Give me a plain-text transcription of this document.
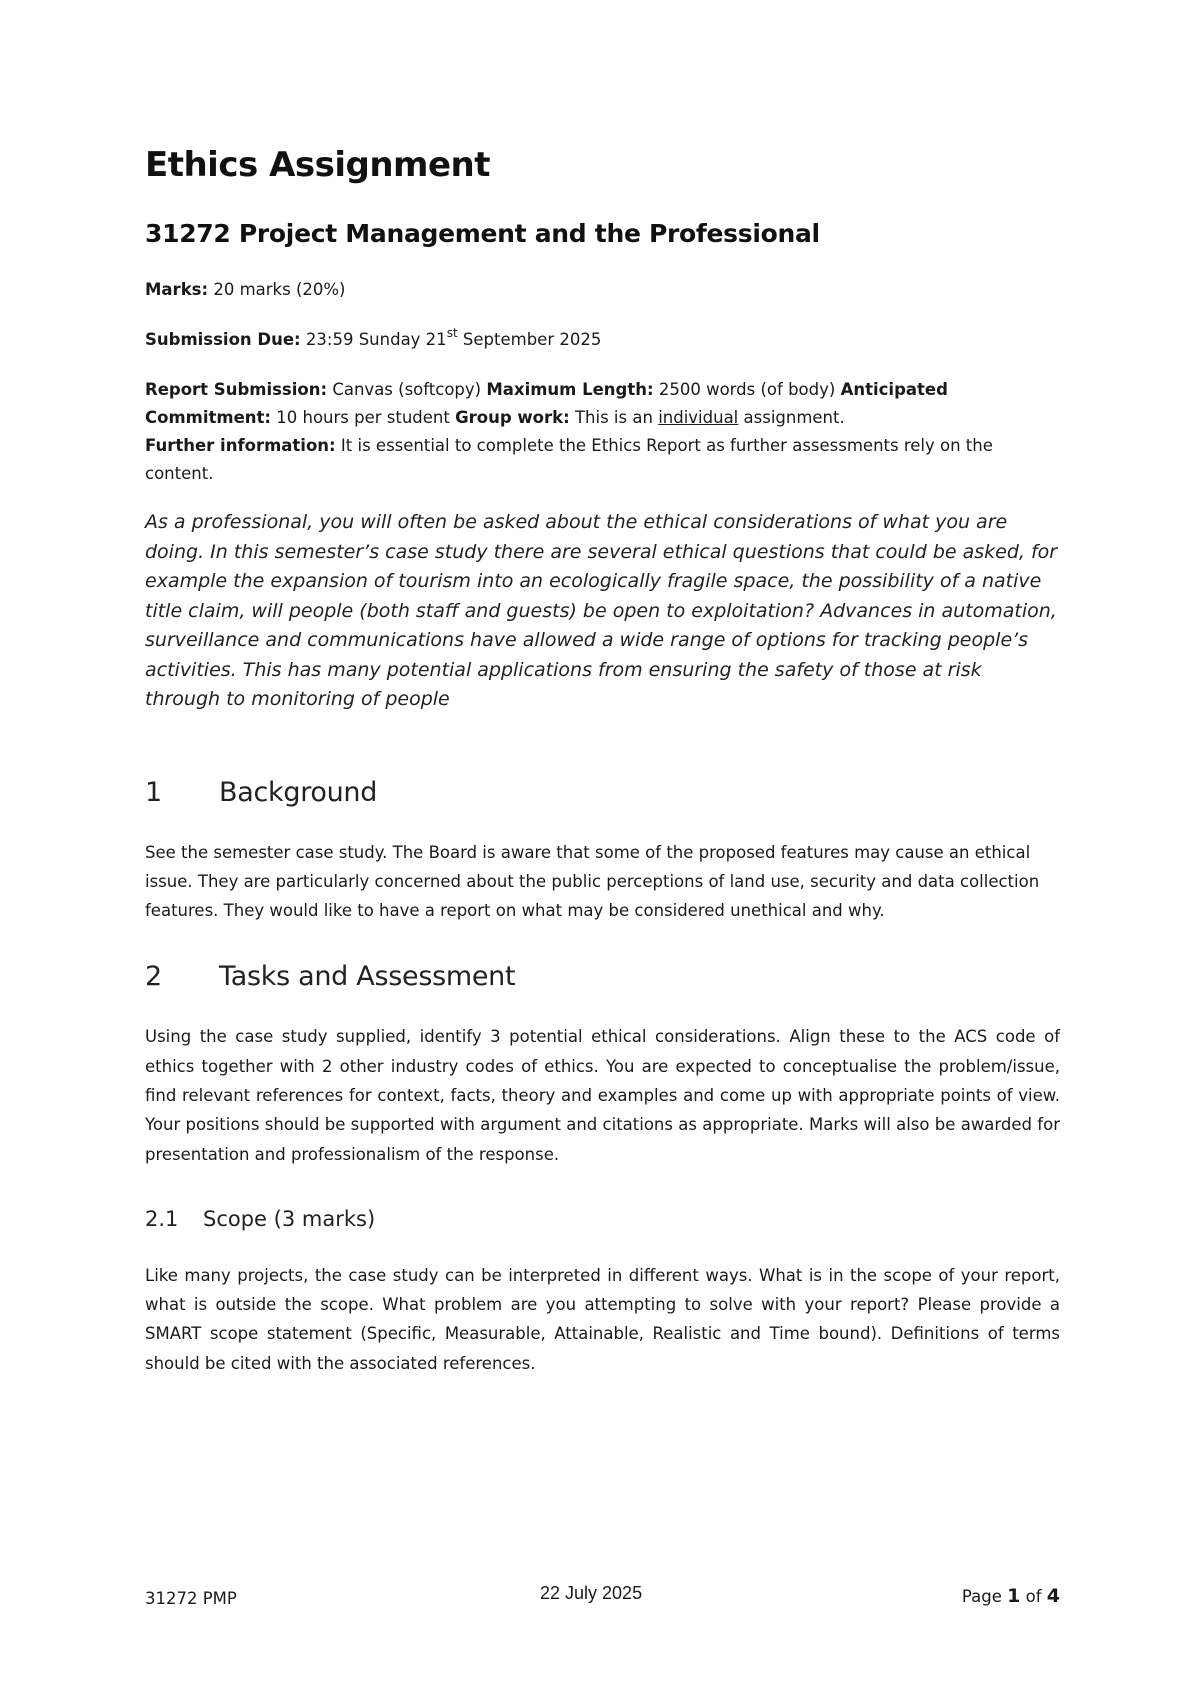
Ethics Assignment
31272 Project Management and the Professional

Marks: 20 marks (20%)

Submission Due: 23:59 Sunday 21st September 2025

Report Submission: Canvas (softcopy) Maximum Length: 2500 words (of body) Anticipated
Commitment: 10 hours per student Group work: This is an individual assignment.
Further information: It is essential to complete the Ethics Report as further assessments rely on the content.

As a professional, you will often be asked about the ethical considerations of what you are doing. In this semester’s case study there are several ethical questions that could be asked, for example the expansion of tourism into an ecologically fragile space, the possibility of a native title claim, will people (both staff and guests) be open to exploitation? Advances in automation, surveillance and communications have allowed a wide range of options for tracking people’s activities. This has many potential applications from ensuring the safety of those at risk through to monitoring of people

1	Background

See the semester case study. The Board is aware that some of the proposed features may cause an ethical issue. They are particularly concerned about the public perceptions of land use, security and data collection features. They would like to have a report on what may be considered unethical and why.

2	Tasks and Assessment

Using the case study supplied, identify 3 potential ethical considerations. Align these to the ACS code of ethics together with 2 other industry codes of ethics. You are expected to conceptualise the problem/issue, find relevant references for context, facts, theory and examples and come up with appropriate points of view. Your positions should be supported with argument and citations as appropriate. Marks will also be awarded for presentation and professionalism of the response.

2.1	Scope (3 marks)

Like many projects, the case study can be interpreted in different ways. What is in the scope of your report, what is outside the scope. What problem are you attempting to solve with your report? Please provide a SMART scope statement (Specific, Measurable, Attainable, Realistic and Time bound). Definitions of terms should be cited with the associated references.

31272 PMP	22 July 2025	Page 1 of 4
